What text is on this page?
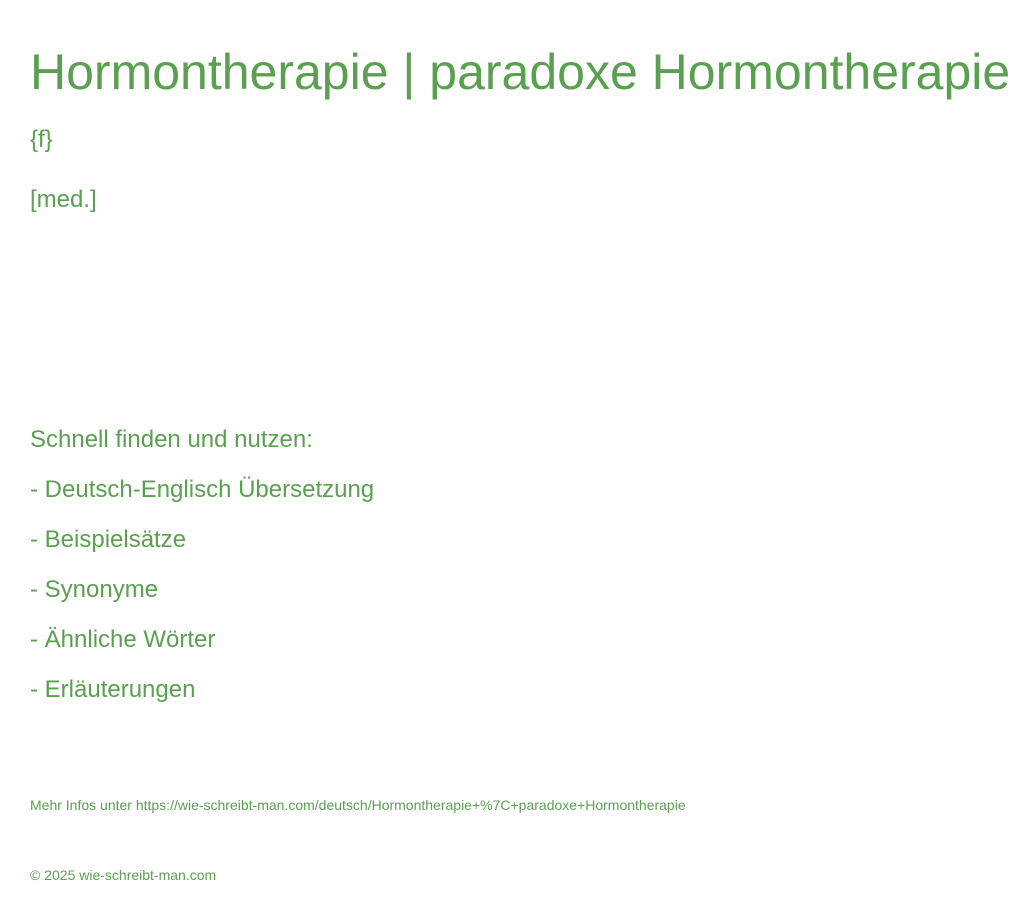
Hormontherapie | paradoxe Hormontherapie
{f}
[med.]
Schnell finden und nutzen:
- Deutsch-Englisch Übersetzung
- Beispielsätze
- Synonyme
- Ähnliche Wörter
- Erläuterungen
Mehr Infos unter https://wie-schreibt-man.com/deutsch/Hormontherapie+%7C+paradoxe+Hormontherapie
© 2025 wie-schreibt-man.com
